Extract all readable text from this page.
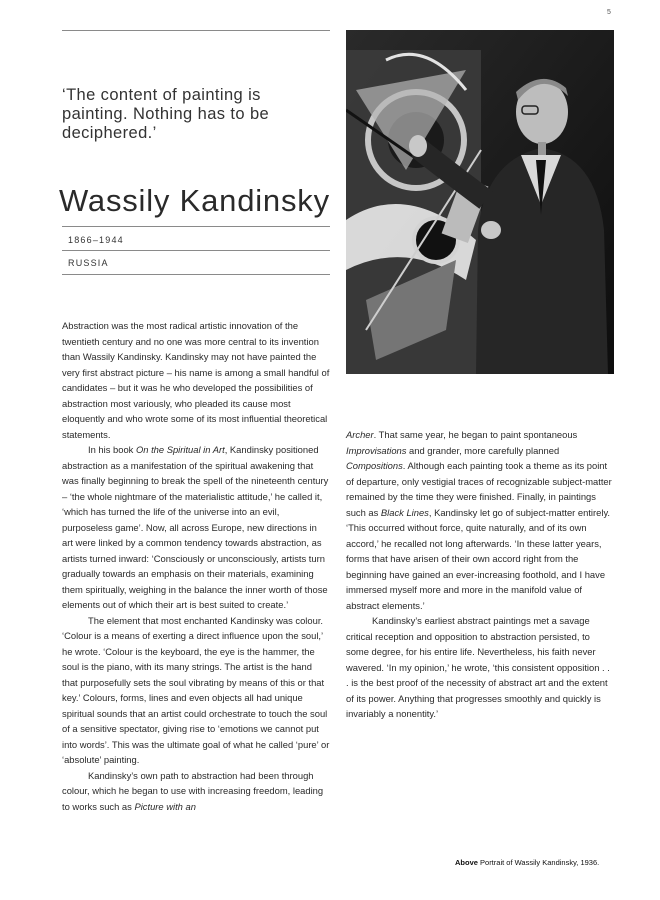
5
‘The content of painting is painting. Nothing has to be deciphered.’
Wassily Kandinsky
1866–1944
RUSSIA

Abstraction was the most radical artistic innovation of the twentieth century and no one was more central to its invention than Wassily Kandinsky. Kandinsky may not have painted the very first abstract picture – his name is among a small handful of candidates – but it was he who developed the possibilities of abstraction most variously, who pleaded its cause most eloquently and who wrote some of its most influential theoretical statements.

In his book On the Spiritual in Art, Kandinsky positioned abstraction as a manifestation of the spiritual awakening that was finally beginning to break the spell of the nineteenth century – ‘the whole nightmare of the materialistic attitude,’ he called it, ‘which has turned the life of the universe into an evil, purposeless game’. Now, all across Europe, new directions in art were linked by a common tendency towards abstraction, as artists turned inward: ‘Consciously or unconsciously, artists turn gradually towards an emphasis on their materials, examining them spiritually, weighing in the balance the inner worth of those elements out of which their art is best suited to create.’

The element that most enchanted Kandinsky was colour. ‘Colour is a means of exerting a direct influence upon the soul,’ he wrote. ‘Colour is the keyboard, the eye is the hammer, the soul is the piano, with its many strings. The artist is the hand that purposefully sets the soul vibrating by means of this or that key.’ Colours, forms, lines and even objects all had unique spiritual sounds that an artist could orchestrate to touch the soul of a sensitive spectator, giving rise to ‘emotions we cannot put into words’. This was the ultimate goal of what he called ‘pure’ or ‘absolute’ painting.

Kandinsky’s own path to abstraction had been through colour, which he began to use with increasing freedom, leading to works such as Picture with an

Archer. That same year, he began to paint spontaneous Improvisations and grander, more carefully planned Compositions. Although each painting took a theme as its point of departure, only vestigial traces of recognizable subject-matter remained by the time they were finished. Finally, in paintings such as Black Lines, Kandinsky let go of subject-matter entirely. ‘This occurred without force, quite naturally, and of its own accord,’ he recalled not long afterwards. ‘In these latter years, forms that have arisen of their own accord right from the beginning have gained an ever-increasing foothold, and I have immersed myself more and more in the manifold value of abstract elements.’

Kandinsky’s earliest abstract paintings met a savage critical reception and opposition to abstraction persisted, to some degree, for his entire life. Nevertheless, his faith never wavered. ‘In my opinion,’ he wrote, ‘this consistent opposition . . . is the best proof of the necessity of abstract art and the extent of its power. Anything that progresses smoothly and quickly is invariably a nonentity.’

Above Portrait of Wassily Kandinsky, 1936.
